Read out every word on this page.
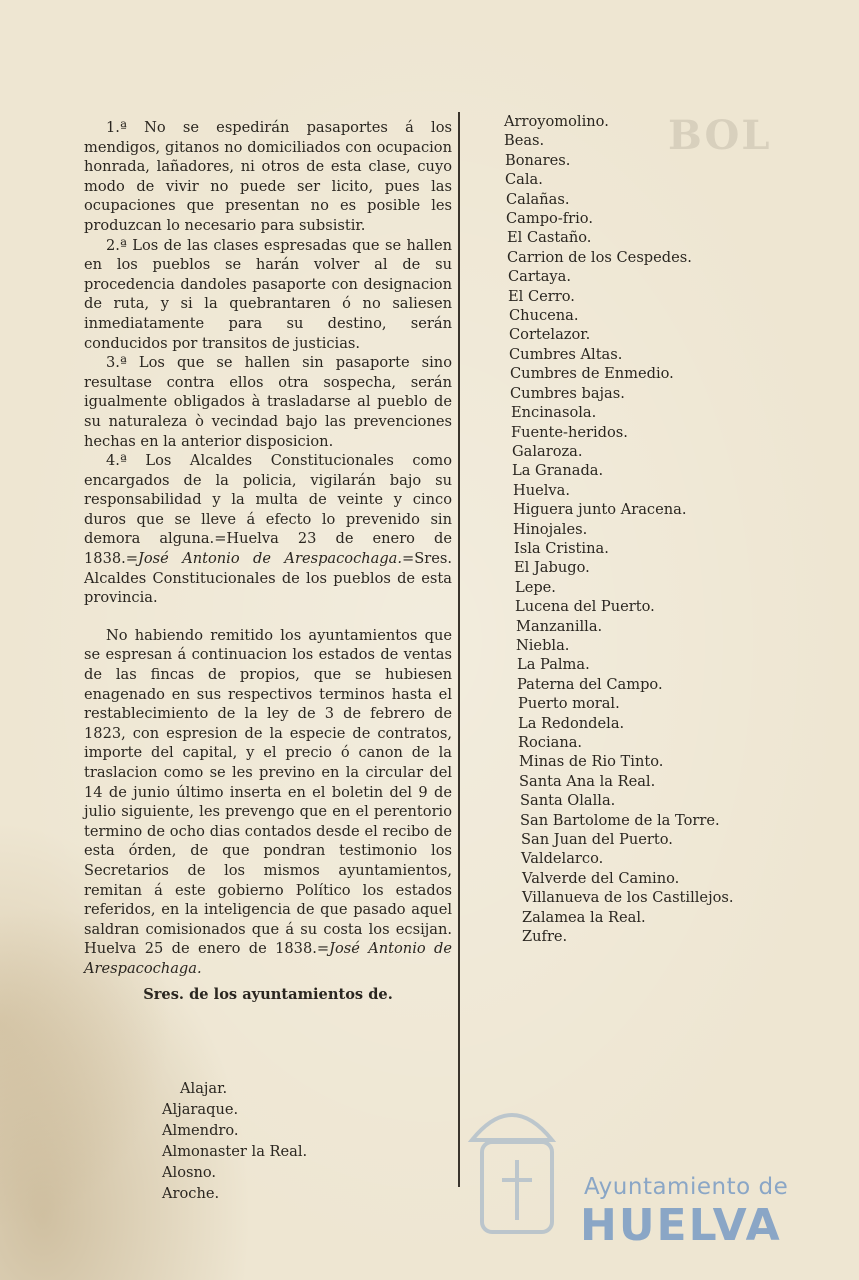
BOL

1.ª No se espedirán pasaportes á los mendigos, gitanos no domiciliados con ocupacion honrada, lañadores, ni otros de esta clase, cuyo modo de vivir no puede ser licito, pues las ocupaciones que presentan no es posible les produzcan lo necesario para subsistir.

2.ª Los de las clases espresadas que se hallen en los pueblos se harán volver al de su procedencia dandoles pasaporte con designacion de ruta, y si la quebrantaren ó no saliesen inmediatamente para su destino, serán conducidos por transitos de justicias.

3.ª Los que se hallen sin pasaporte sino resultase contra ellos otra sospecha, serán igualmente obligados à trasladarse al pueblo de su naturaleza ò vecindad bajo las prevenciones hechas en la anterior disposicion.

4.ª Los Alcaldes Constitucionales como encargados de la policia, vigilarán bajo su responsabilidad y la multa de veinte y cinco duros que se lleve á efecto lo prevenido sin demora alguna.=Huelva 23 de enero de 1838.=José Antonio de Arespacochaga.=Sres. Alcaldes Constitucionales de los pueblos de esta provincia.

No habiendo remitido los ayuntamientos que se espresan á continuacion los estados de ventas de las fincas de propios, que se hubiesen enagenado en sus respectivos terminos hasta el restablecimiento de la ley de 3 de febrero de 1823, con espresion de la especie de contratos, importe del capital, y el precio ó canon de la traslacion como se les previno en la circular del 14 de junio último inserta en el boletin del 9 de julio siguiente, les prevengo que en el perentorio termino de ocho dias contados desde el recibo de esta órden, de que pondran testimonio los Secretarios de los mismos ayuntamientos, remitan á este gobierno Político los estados referidos, en la inteligencia de que pasado aquel saldran comisionados que á su costa los ecsijan. Huelva 25 de enero de 1838.=José Antonio de Arespacochaga.

Sres. de los ayuntamientos de.

Alajar.
Aljaraque.
Almendro.
Almonaster la Real.
Alosno.
Aroche.
Arroyomolino.
Beas.
Bonares.
Cala.
Calañas.
Campo-frio.
El Castaño.
Carrion de los Cespedes.
Cartaya.
El Cerro.
Chucena.
Cortelazor.
Cumbres Altas.
Cumbres de Enmedio.
Cumbres bajas.
Encinasola.
Fuente-heridos.
Galaroza.
La Granada.
Huelva.
Higuera junto Aracena.
Hinojales.
Isla Cristina.
El Jabugo.
Lepe.
Lucena del Puerto.
Manzanilla.
Niebla.
La Palma.
Paterna del Campo.
Puerto moral.
La Redondela.
Rociana.
Minas de Rio Tinto.
Santa Ana la Real.
Santa Olalla.
San Bartolome de la Torre.
San Juan del Puerto.
Valdelarco.
Valverde del Camino.
Villanueva de los Castillejos.
Zalamea la Real.
Zufre.
Ayuntamiento de
HUELVA
